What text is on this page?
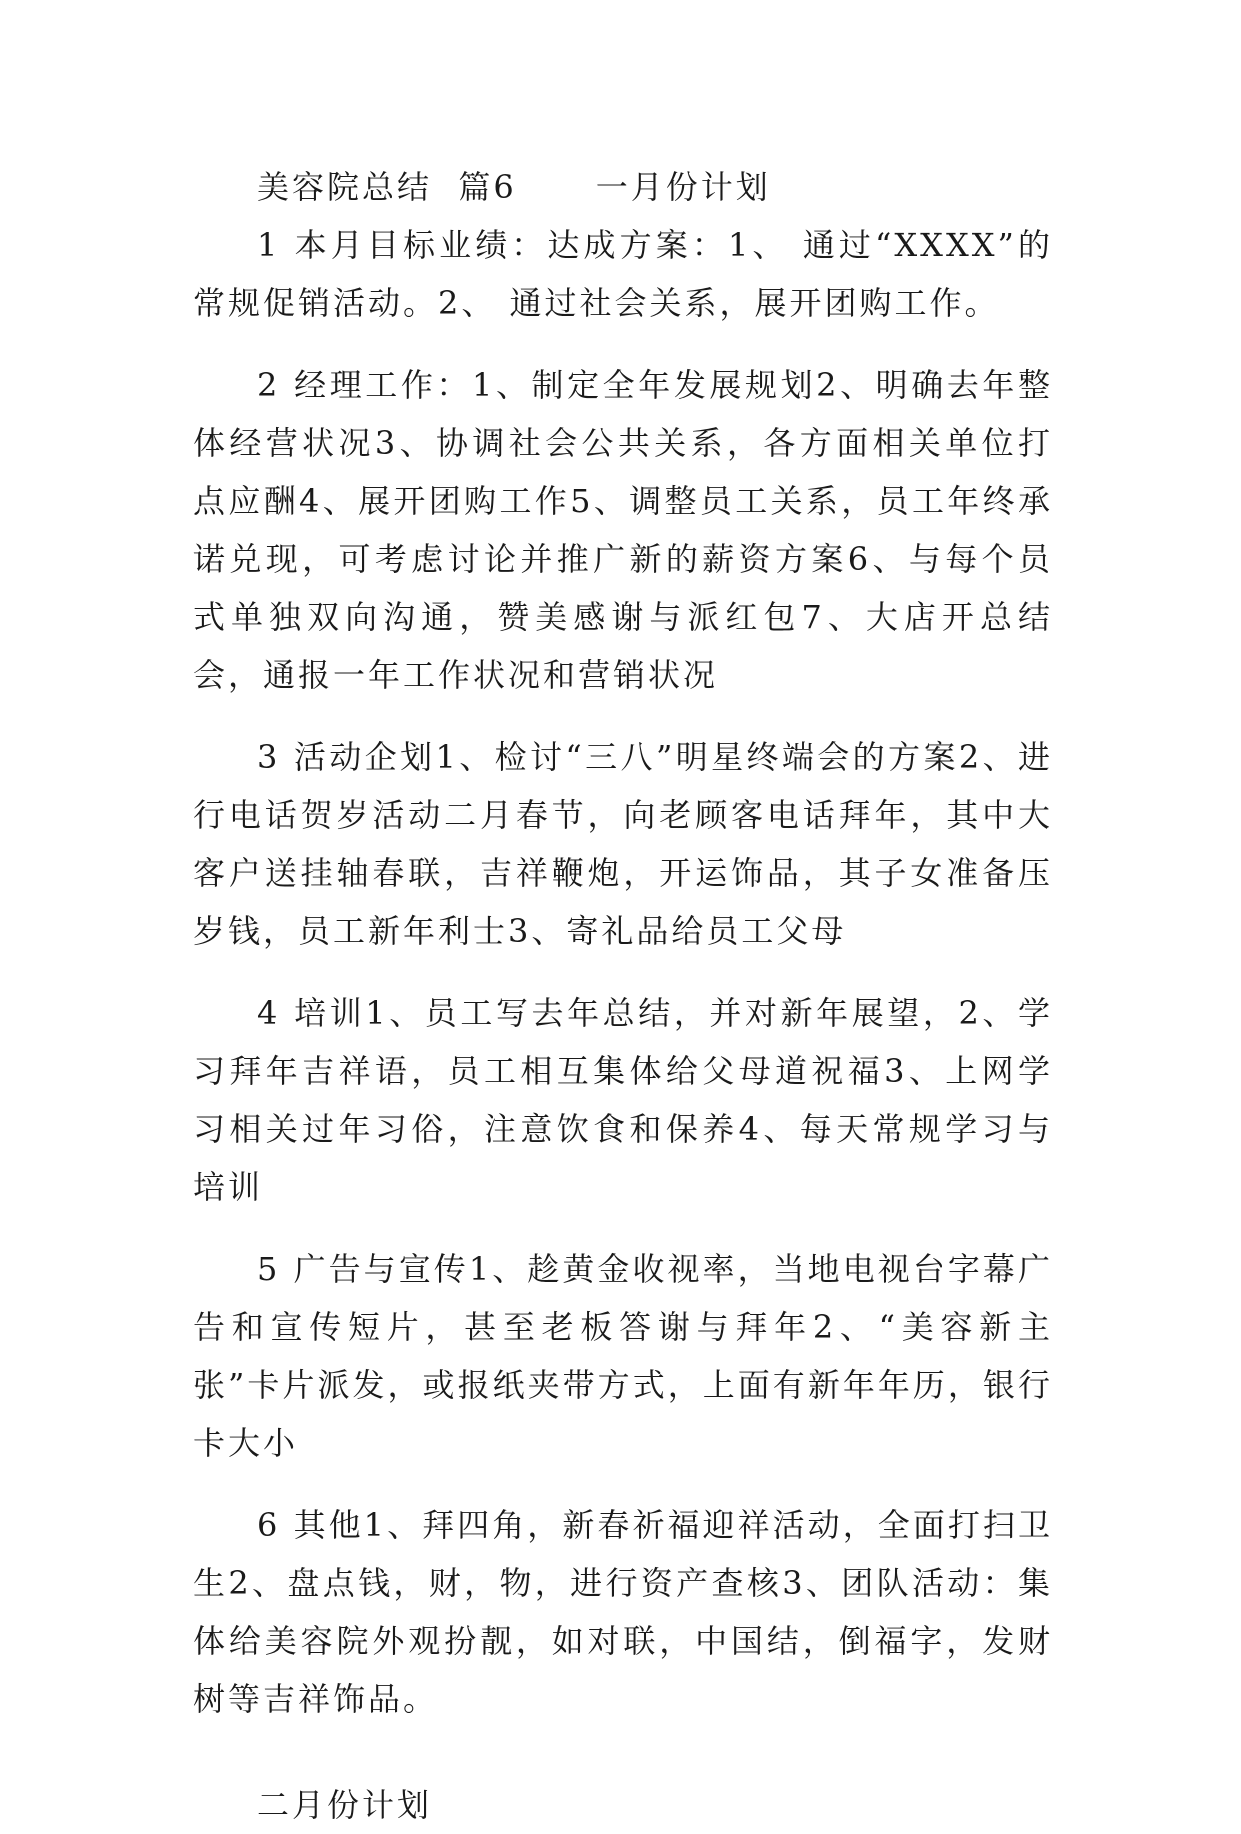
美容院总结  篇6      一月份计划

1 本月目标业绩：达成方案：1、 通过“XXXX”的常规促销活动。2、 通过社会关系，展开团购工作。

2 经理工作：1、制定全年发展规划2、明确去年整体经营状况3、协调社会公共关系，各方面相关单位打点应酬4、展开团购工作5、调整员工关系，员工年终承诺兑现，可考虑讨论并推广新的薪资方案6、与每个员式单独双向沟通，赞美感谢与派红包7、大店开总结会，通报一年工作状况和营销状况

3 活动企划1、检讨“三八”明星终端会的方案2、进行电话贺岁活动二月春节，向老顾客电话拜年，其中大客户送挂轴春联，吉祥鞭炮，开运饰品，其子女准备压岁钱，员工新年利士3、寄礼品给员工父母

4 培训1、员工写去年总结，并对新年展望，2、学习拜年吉祥语，员工相互集体给父母道祝福3、上网学习相关过年习俗，注意饮食和保养4、每天常规学习与培训

5 广告与宣传1、趁黄金收视率，当地电视台字幕广告和宣传短片，甚至老板答谢与拜年2、“美容新主张”卡片派发，或报纸夹带方式，上面有新年年历，银行卡大小

6 其他1、拜四角，新春祈福迎祥活动，全面打扫卫生2、盘点钱，财，物，进行资产查核3、团队活动：集体给美容院外观扮靓，如对联，中国结，倒福字，发财树等吉祥饰品。

二月份计划
